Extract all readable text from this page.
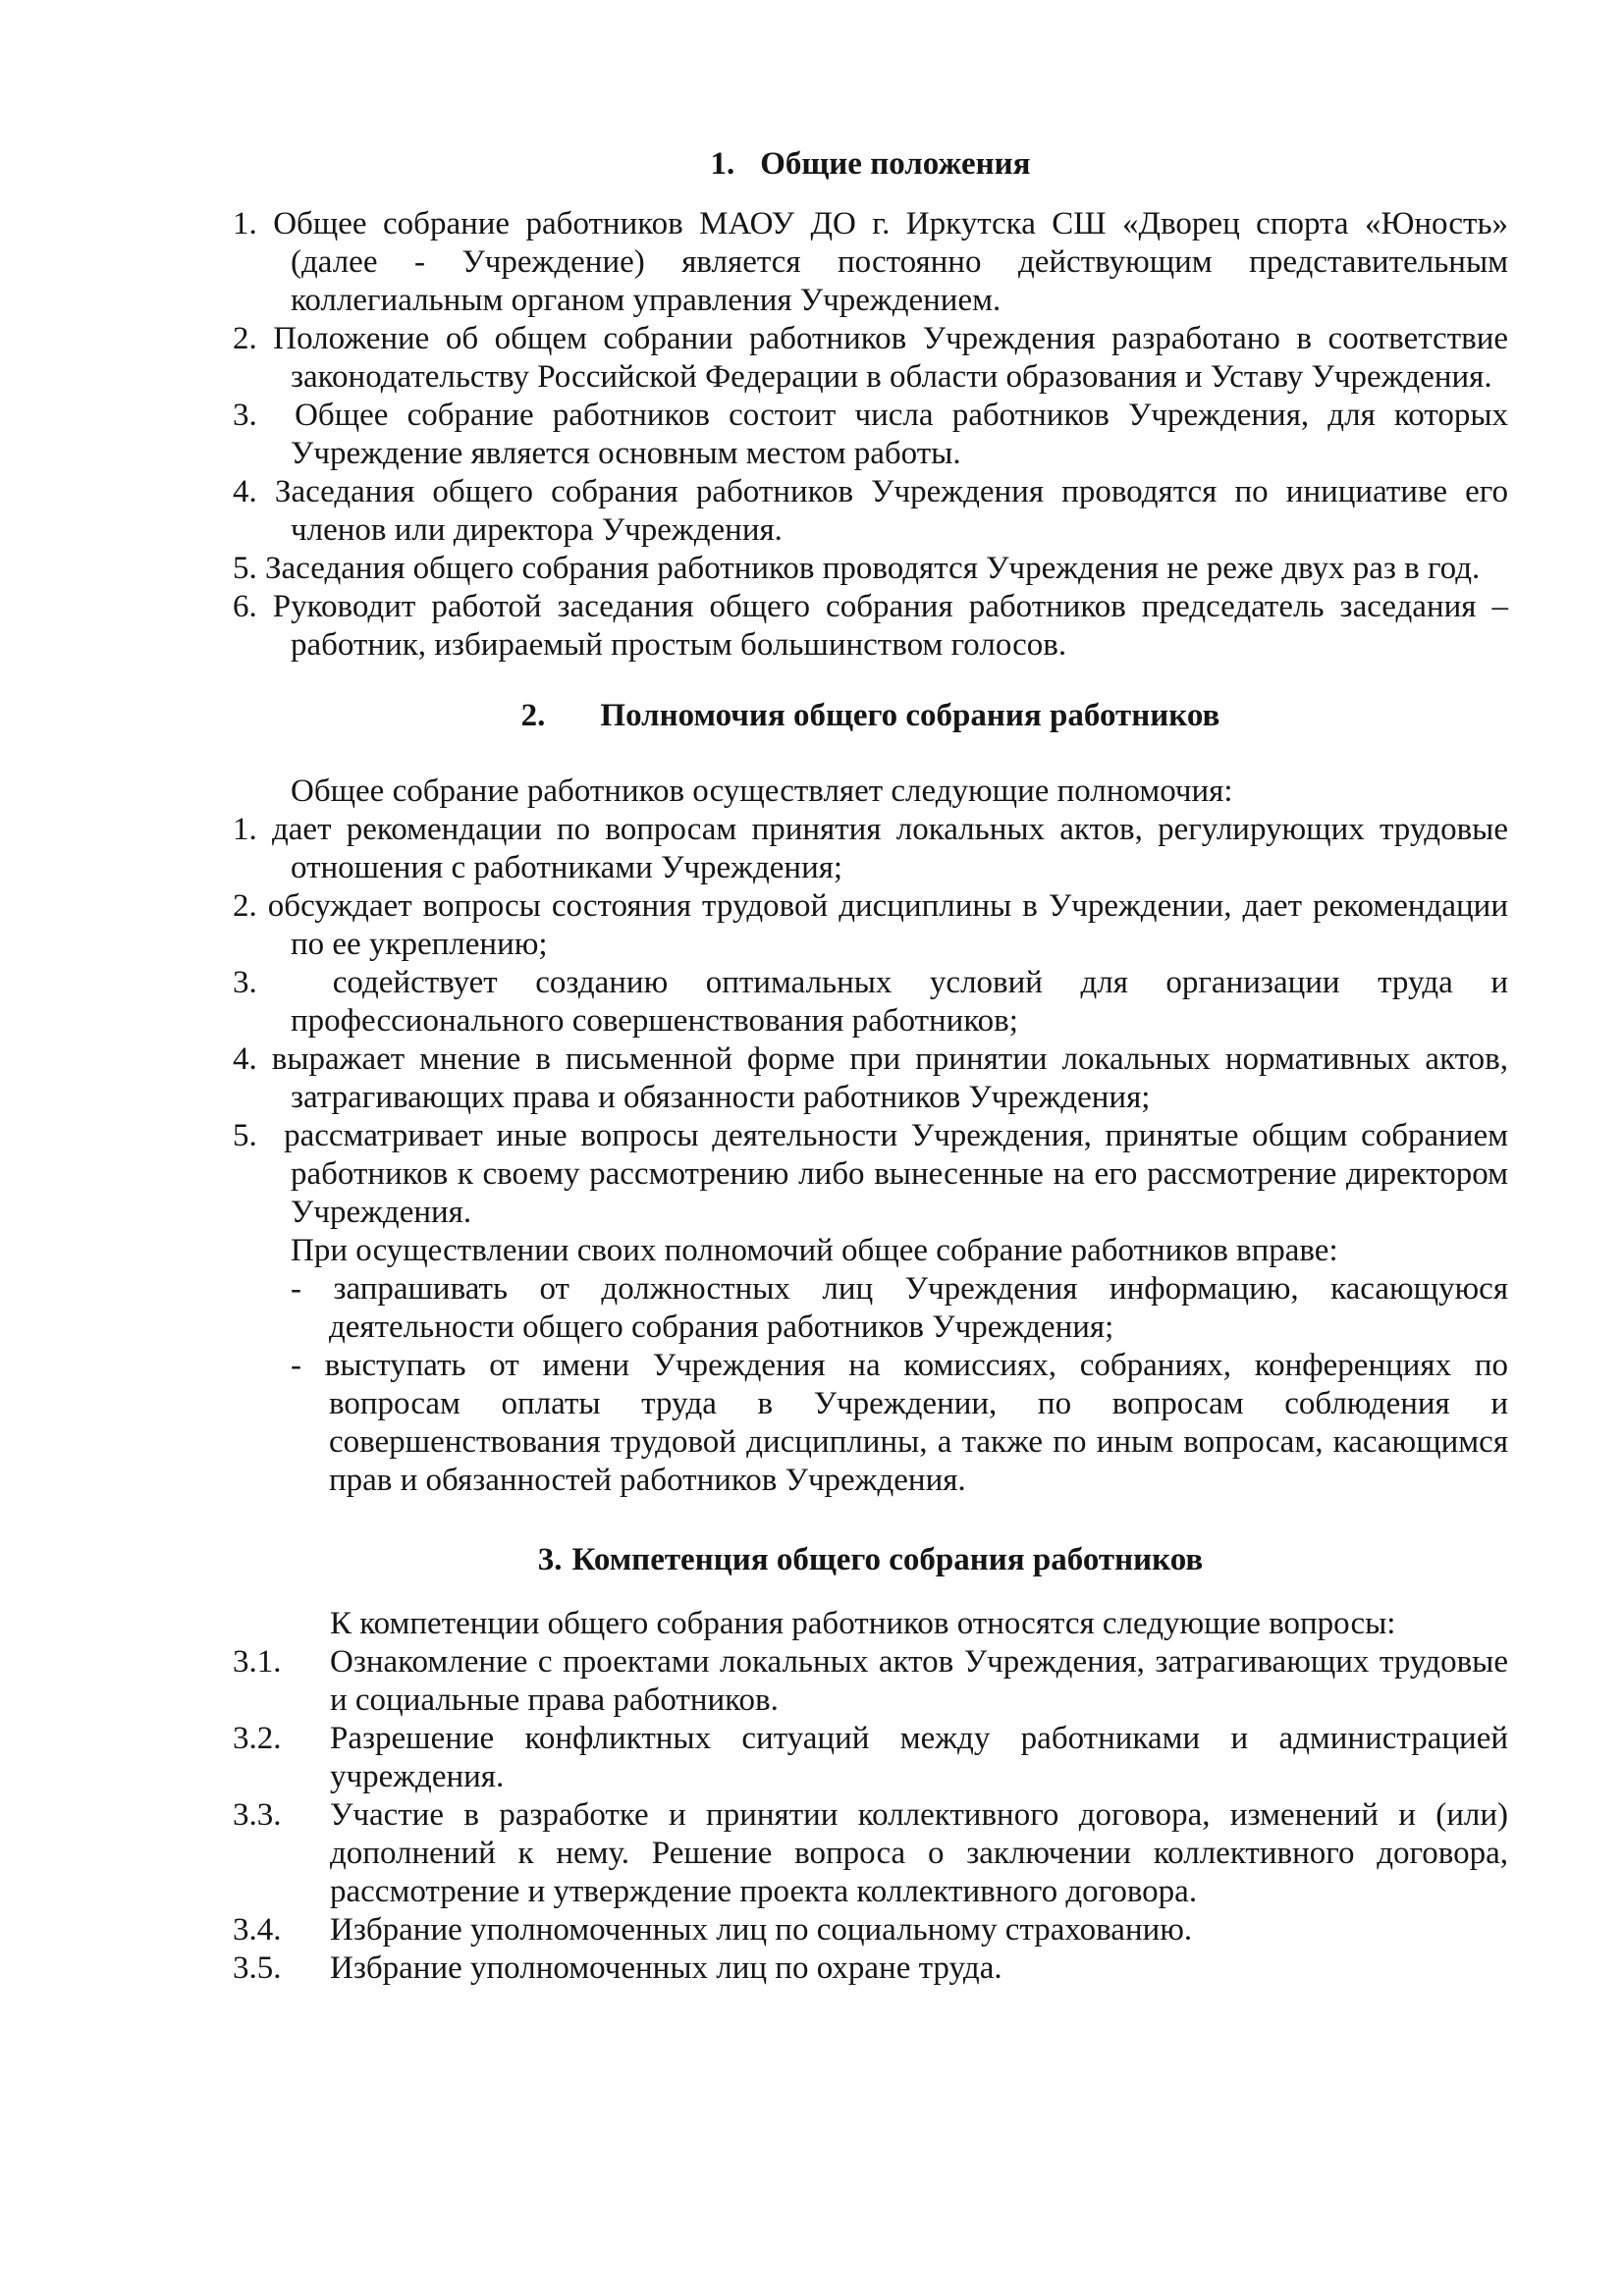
1. Общие положения
1. Общее собрание работников МАОУ ДО г. Иркутска СШ «Дворец спорта «Юность» (далее - Учреждение) является постоянно действующим представительным коллегиальным органом управления Учреждением.
2. Положение об общем собрании работников Учреждения разработано в соответствие законодательству Российской Федерации в области образования и Уставу Учреждения.
3.  Общее собрание работников состоит числа работников Учреждения, для которых Учреждение является основным местом работы.
4. Заседания общего собрания работников Учреждения проводятся по инициативе его членов или директора Учреждения.
5. Заседания общего собрания работников проводятся Учреждения не реже двух раз в год.
6. Руководит работой заседания общего собрания работников председатель заседания – работник, избираемый простым большинством голосов.
2. Полномочия общего собрания работников
Общее собрание работников осуществляет следующие полномочия:
1. дает рекомендации по вопросам принятия локальных актов, регулирующих трудовые отношения с работниками Учреждения;
2. обсуждает вопросы состояния трудовой дисциплины в Учреждении, дает рекомендации по ее укреплению;
3.  содействует созданию оптимальных условий для организации труда и профессионального совершенствования работников;
4. выражает мнение в письменной форме при принятии локальных нормативных актов, затрагивающих права и обязанности работников Учреждения;
5.  рассматривает иные вопросы деятельности Учреждения, принятые общим собранием работников к своему рассмотрению либо вынесенные на его рассмотрение директором Учреждения.
При осуществлении своих полномочий общее собрание работников вправе:
- запрашивать от должностных лиц Учреждения информацию, касающуюся деятельности общего собрания работников Учреждения;
- выступать от имени Учреждения на комиссиях, собраниях, конференциях по вопросам оплаты труда в Учреждении, по вопросам соблюдения и совершенствования трудовой дисциплины, а также по иным вопросам, касающимся прав и обязанностей работников Учреждения.
3. Компетенция общего собрания работников
К компетенции общего собрания работников относятся следующие вопросы:
3.1. Ознакомление с проектами локальных актов Учреждения, затрагивающих трудовые и социальные права работников.
3.2. Разрешение конфликтных ситуаций между работниками и администрацией учреждения.
3.3. Участие в разработке и принятии коллективного договора, изменений и (или) дополнений к нему. Решение вопроса о заключении коллективного договора, рассмотрение и утверждение проекта коллективного договора.
3.4. Избрание уполномоченных лиц по социальному страхованию.
3.5. Избрание уполномоченных лиц по охране труда.
